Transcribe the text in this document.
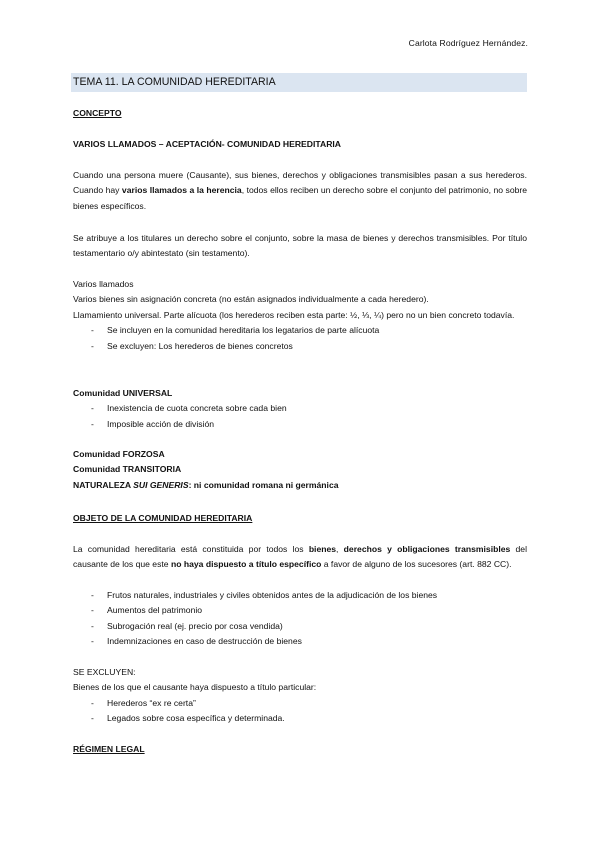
Carlota Rodríguez Hernández.
TEMA 11. LA COMUNIDAD HEREDITARIA
CONCEPTO
VARIOS LLAMADOS – ACEPTACIÓN- COMUNIDAD HEREDITARIA
Cuando una persona muere (Causante), sus bienes, derechos y obligaciones transmisibles pasan a sus herederos. Cuando hay varios llamados a la herencia, todos ellos reciben un derecho sobre el conjunto del patrimonio, no sobre bienes específicos.
Se atribuye a los titulares un derecho sobre el conjunto, sobre la masa de bienes y derechos transmisibles. Por título testamentario o/y abintestato (sin testamento).
Varios llamados
Varios bienes sin asignación concreta (no están asignados individualmente a cada heredero).
Llamamiento universal. Parte alícuota (los herederos reciben esta parte: ½, ⅓, ¼) pero no un bien concreto todavía.
- Se incluyen en la comunidad hereditaria los legatarios de parte alícuota
- Se excluyen: Los herederos de bienes concretos
Comunidad UNIVERSAL
- Inexistencia de cuota concreta sobre cada bien
- Imposible acción de división
Comunidad FORZOSA
Comunidad TRANSITORIA
NATURALEZA SUI GENERIS: ni comunidad romana ni germánica
OBJETO DE LA COMUNIDAD HEREDITARIA
La comunidad hereditaria está constituida por todos los bienes, derechos y obligaciones transmisibles del causante de los que este no haya dispuesto a título específico a favor de alguno de los sucesores (art. 882 CC).
- Frutos naturales, industriales y civiles obtenidos antes de la adjudicación de los bienes
- Aumentos del patrimonio
- Subrogación real (ej. precio por cosa vendida)
- Indemnizaciones en caso de destrucción de bienes
SE EXCLUYEN:
Bienes de los que el causante haya dispuesto a título particular:
- Herederos “ex re certa”
- Legados sobre cosa específica y determinada.
RÉGIMEN LEGAL
